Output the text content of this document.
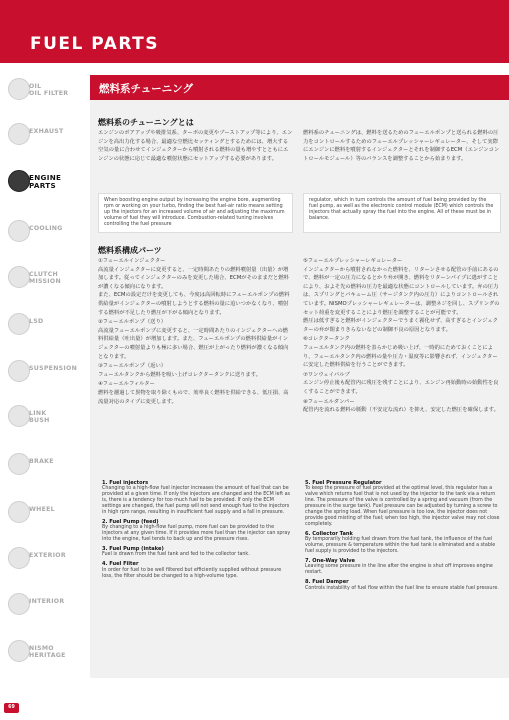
FUEL PARTS
OIL
OIL FILTER
EXHAUST
ENGINE
PARTS
COOLING
CLUTCH
MISSION
LSD
SUSPENSION
LINK
BUSH
BRAKE
WHEEL
EXTERIOR
INTERIOR
NISMO
HERITAGE
燃料系チューニング
燃料系のチューニングとは
エンジンのボアアップや吸排気系、ターボの変更やブーストアップ等により、エンジンを高出力化する場合、最適な空燃比セッティングとするためには、増大する空気の量に合わせてインジェクターから噴射される燃料の量も増やすとともにエンジンの状態に応じて最適な噴射状態にセットアップする必要があります。
燃料系のチューニングは、燃料を送るためのフューエルポンプと送られる燃料の圧力をコントロールするためのフューエルプレッシャーレギュレーター、そして実際にエンジンに燃料を噴射するインジェクターとそれを制御するECM（エンジンコントロールモジュール）等のバランスを調整することから始まります。
When boosting engine output by increasing the engine bore, augmenting rpm or working on your turbo, finding the best fuel-air ratio means setting up the injectors for an increased volume of air and adjusting the maximum volume of fuel they will introduce. Combustion-related tuning involves controlling the fuel pressure
regulator, which in turn controls the amount of fuel being provided by the fuel pump, as well as the electronic control module (ECM) which controls the injectors that actually spray the fuel into the engine. All of these must be in balance.
燃料系構成パーツ

①フューエルインジェクター

高流量インジェクターに変更すると、一定時間あたりの燃料噴射量（出量）が増加します。従ってインジェクターのみを変更した場合、ECMがそのままだと燃料が濃くなる傾向になります。
また、ECMの設定だけを変更しても、今度は高回転時にフューエルポンプの燃料供給量がインジェクターの噴射しようとする燃料の量に追いつかなくなり、噴射する燃料が不足したり燃圧が下がる傾向となります。

②フューエルポンプ（送り）

高流量フューエルポンプに変更すると、一定時間あたりのインジェクターへの燃料供給量（吐出量）が増加します。また、フューエルポンプの燃料供給量がインジェクターの噴射量よりも極に多い場合、燃圧が上がったり燃料が濃くなる傾向となります。

③フューエルポンプ（返い）

フューエルタンクから燃料を吸い上げコレクタータンクに送ります。

④フューエルフィルター

燃料を濾過して異物を取り除くもので、効率良く燃料を供給できる、低圧損、高流量対応のタイプに変更します。

⑤フューエルプレッシャーレギュレーター

インジェクターから噴射されなかった燃料を、リターンさせる配管の手前にあるので、燃料が一定の圧力になるとかり弁が開き、燃料をリターンパイプに逃がすことにより、およそ先の燃料の圧力を最適な状態にコントロールしています。弁の圧力は、スプリングとバキューム圧（サージタンク内の圧力）によりコントロールされています。NISMOプレッシャーレギュレーターは、調整ネジを回し、スプリングのセット荷重を変更することにより燃圧を調整することが可能です。
燃圧は低すぎると燃料がインジェクターでうまく霧化せず、高すぎるとインジェクターの弁が閉まりきらないなどの制御不良の原因となります。

⑥コレクタータンク

フューエルタンク内の燃料を表らかじめ吸い上げ、一時的にためておくことにより、フューエルタンク内の燃料の量や圧力・温度等に影響されず、インジェクターに安定した燃料供給を行うことができます。

⑦ワンウェイバルブ

エンジン停止後も配管内に残圧を残すことにより、エンジン再始動時の始動性を良くすることができます。

⑧フューエルダンパー

配管内を流れる燃料の脈動（不安定な流れ）を抑え、安定した燃圧を確保します。

1. Fuel injectors

Changing to a high-flow fuel injector increases the amount of fuel that can be provided at a given time. If only the injectors are changed and the ECM left as is, there is a tendency for too much fuel to be provided. If only the ECM settings are changed, the fuel pump will not send enough fuel to the injectors in high rpm range, resulting in insufficient fuel supply and a fall in pressure.

2. Fuel Pump (feed)

By changing to a high-flow fuel pump, more fuel can be provided to the injectors at any given time. If it provides more fuel than the injector can spray into the engine, fuel tends to back up and the pressure rises.

3. Fuel Pump (intake)

Fuel is drawn from the fuel tank and fed to the collector tank.

4. Fuel Filter

In order for fuel to be well filtered but efficiently supplied without pressure loss, the filter should be changed to a high-volume type.

5. Fuel Pressure Regulator

To keep the pressure of fuel provided at the optimal level, this regulator has a valve which returns fuel that is not used by the injector to the tank via a return line. The pressure of the valve is controlled by a spring and vacuum (from the pressure in the surge tank). Fuel pressure can be adjusted by turning a screw to change the spring load. When fuel pressure is too low, the injector does not provide good misting of the fuel; when too high, the injector valve may not close completely.

6. Collector Tank

By temporarily holding fuel drawn from the fuel tank, the influence of the fuel volume, pressure & temperature within the fuel tank is eliminated and a stable fuel supply is provided to the injectors.

7. One-Way Valve

Leaving some pressure in the line after the engine is shut off improves engine restart.

8. Fuel Damper

Controls instability of fuel flow within the fuel line to ensure stable fuel pressure.

69
